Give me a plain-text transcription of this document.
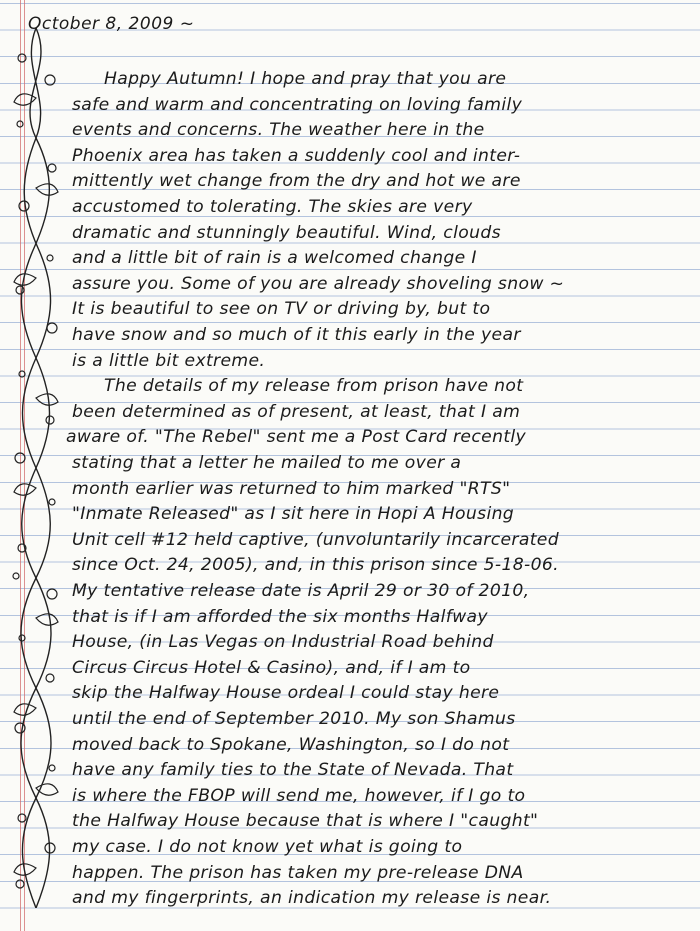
October 8, 2009 ~
Happy Autumn! I hope and pray that you are
safe and warm and concentrating on loving family
events and concerns. The weather here in the
Phoenix area has taken a suddenly cool and inter-
mittently wet change from the dry and hot we are
accustomed to tolerating. The skies are very
dramatic and stunningly beautiful. Wind, clouds
and a little bit of rain is a welcomed change I
assure you. Some of you are already shoveling snow ~
It is beautiful to see on TV or driving by, but to
have snow and so much of it this early in the year
is a little bit extreme.
The details of my release from prison have not
been determined as of present, at least, that I am
aware of. "The Rebel" sent me a Post Card recently
stating that a letter he mailed to me over a
month earlier was returned to him marked "RTS"
"Inmate Released" as I sit here in Hopi A Housing
Unit cell #12 held captive, (unvoluntarily incarcerated
since Oct. 24, 2005), and, in this prison since 5-18-06.
My tentative release date is April 29 or 30 of 2010,
that is if I am afforded the six months Halfway
House, (in Las Vegas on Industrial Road behind
Circus Circus Hotel & Casino), and, if I am to
skip the Halfway House ordeal I could stay here
until the end of September 2010. My son Shamus
moved back to Spokane, Washington, so I do not
have any family ties to the State of Nevada. That
is where the FBOP will send me, however, if I go to
the Halfway House because that is where I "caught"
my case. I do not know yet what is going to
happen. The prison has taken my pre-release DNA
and my fingerprints, an indication my release is near.
